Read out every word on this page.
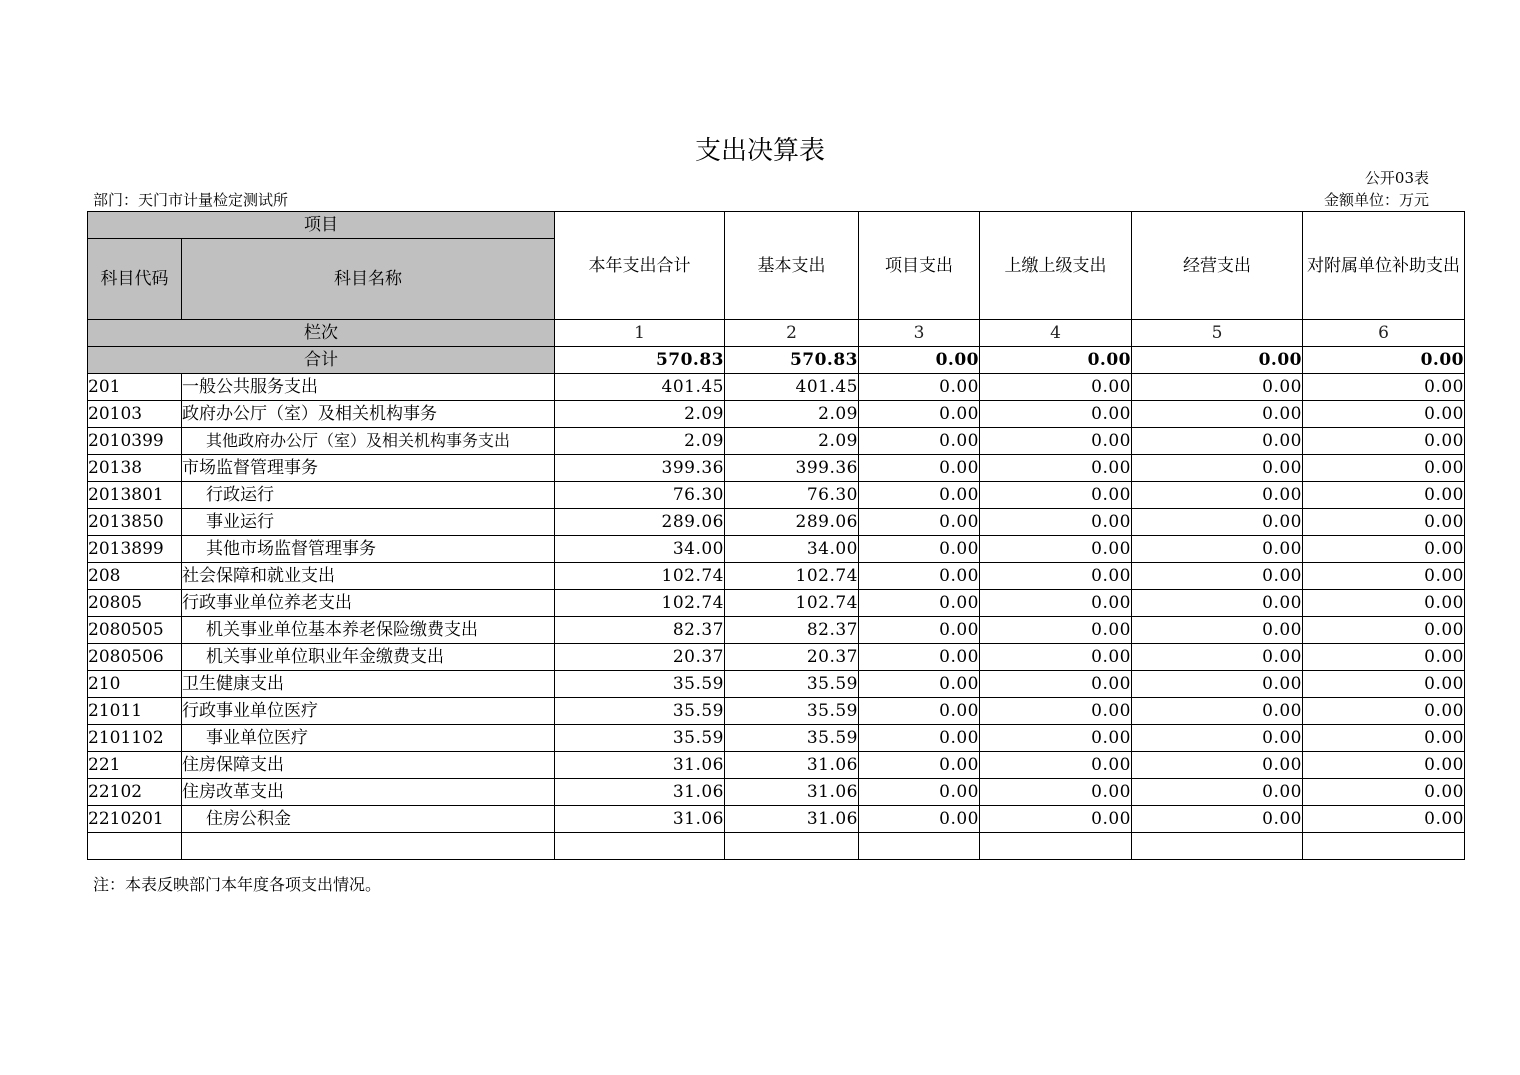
支出决算表
公开03表
部门：天门市计量检定测试所	金额单位：万元
项目		本年支出合计	基本支出	项目支出	上缴上级支出	经营支出	对附属单位补助支出
科目代码	科目名称						
栏次		1	2	3	4	5	6
合计		570.83	570.83	0.00	0.00	0.00	0.00
201	一般公共服务支出	401.45	401.45	0.00	0.00	0.00	0.00
20103	政府办公厅（室）及相关机构事务	2.09	2.09	0.00	0.00	0.00	0.00
2010399	其他政府办公厅（室）及相关机构事务支出	2.09	2.09	0.00	0.00	0.00	0.00
20138	市场监督管理事务	399.36	399.36	0.00	0.00	0.00	0.00
2013801	行政运行	76.30	76.30	0.00	0.00	0.00	0.00
2013850	事业运行	289.06	289.06	0.00	0.00	0.00	0.00
2013899	其他市场监督管理事务	34.00	34.00	0.00	0.00	0.00	0.00
208	社会保障和就业支出	102.74	102.74	0.00	0.00	0.00	0.00
20805	行政事业单位养老支出	102.74	102.74	0.00	0.00	0.00	0.00
2080505	机关事业单位基本养老保险缴费支出	82.37	82.37	0.00	0.00	0.00	0.00
2080506	机关事业单位职业年金缴费支出	20.37	20.37	0.00	0.00	0.00	0.00
210	卫生健康支出	35.59	35.59	0.00	0.00	0.00	0.00
21011	行政事业单位医疗	35.59	35.59	0.00	0.00	0.00	0.00
2101102	事业单位医疗	35.59	35.59	0.00	0.00	0.00	0.00
221	住房保障支出	31.06	31.06	0.00	0.00	0.00	0.00
22102	住房改革支出	31.06	31.06	0.00	0.00	0.00	0.00
2210201	住房公积金	31.06	31.06	0.00	0.00	0.00	0.00

注：本表反映部门本年度各项支出情况。
